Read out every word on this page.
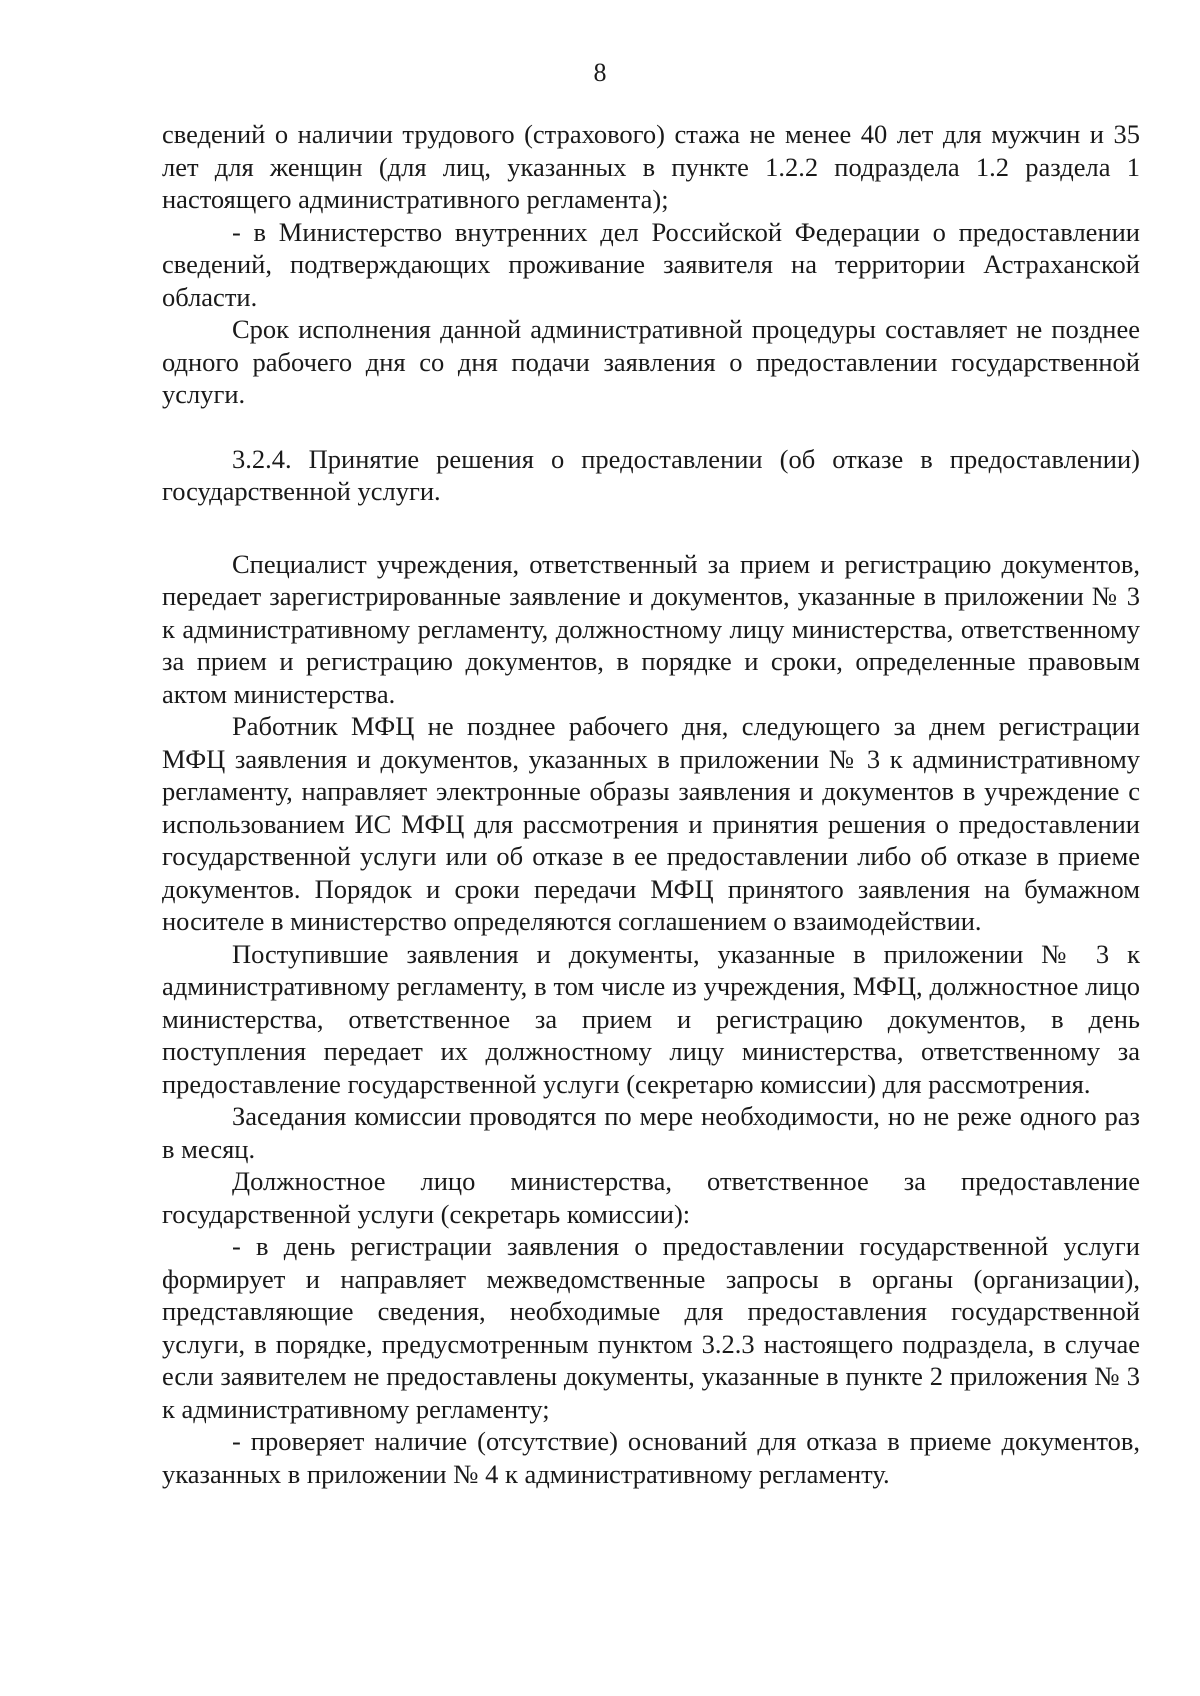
8

сведений о наличии трудового (страхового) стажа не менее 40 лет для мужчин и 35 лет для женщин (для лиц, указанных в пункте 1.2.2 подраздела 1.2 раздела 1 настоящего административного регламента);

- в Министерство внутренних дел Российской Федерации о предоставлении сведений, подтверждающих проживание заявителя на территории Астраханской области.

Срок исполнения данной административной процедуры составляет не позднее одного рабочего дня со дня подачи заявления о предоставлении государственной услуги.

3.2.4. Принятие решения о предоставлении (об отказе в предоставлении) государственной услуги.

Специалист учреждения, ответственный за прием и регистрацию документов, передает зарегистрированные заявление и документов, указанные в приложении № 3 к административному регламенту, должностному лицу министерства, ответственному за прием и регистрацию документов, в порядке и сроки, определенные правовым актом министерства.

Работник МФЦ не позднее рабочего дня, следующего за днем регистрации МФЦ заявления и документов, указанных в приложении № 3 к административному регламенту, направляет электронные образы заявления и документов в учреждение с использованием ИС МФЦ для рассмотрения и принятия решения о предоставлении государственной услуги или об отказе в ее предоставлении либо об отказе в приеме документов. Порядок и сроки передачи МФЦ принятого заявления на бумажном носителе в министерство определяются соглашением о взаимодействии.

Поступившие заявления и документы, указанные в приложении № 3 к административному регламенту, в том числе из учреждения, МФЦ, должностное лицо министерства, ответственное за прием и регистрацию документов, в день поступления передает их должностному лицу министерства, ответственному за предоставление государственной услуги (секретарю комиссии) для рассмотрения.

Заседания комиссии проводятся по мере необходимости, но не реже одного раз в месяц.

Должностное лицо министерства, ответственное за предоставление государственной услуги (секретарь комиссии):

- в день регистрации заявления о предоставлении государственной услуги формирует и направляет межведомственные запросы в органы (организации), представляющие сведения, необходимые для предоставления государственной услуги, в порядке, предусмотренным пунктом 3.2.3 настоящего подраздела, в случае если заявителем не предоставлены документы, указанные в пункте 2 приложения № 3 к административному регламенту;

- проверяет наличие (отсутствие) оснований для отказа в приеме документов, указанных в приложении № 4 к административному регламенту.
